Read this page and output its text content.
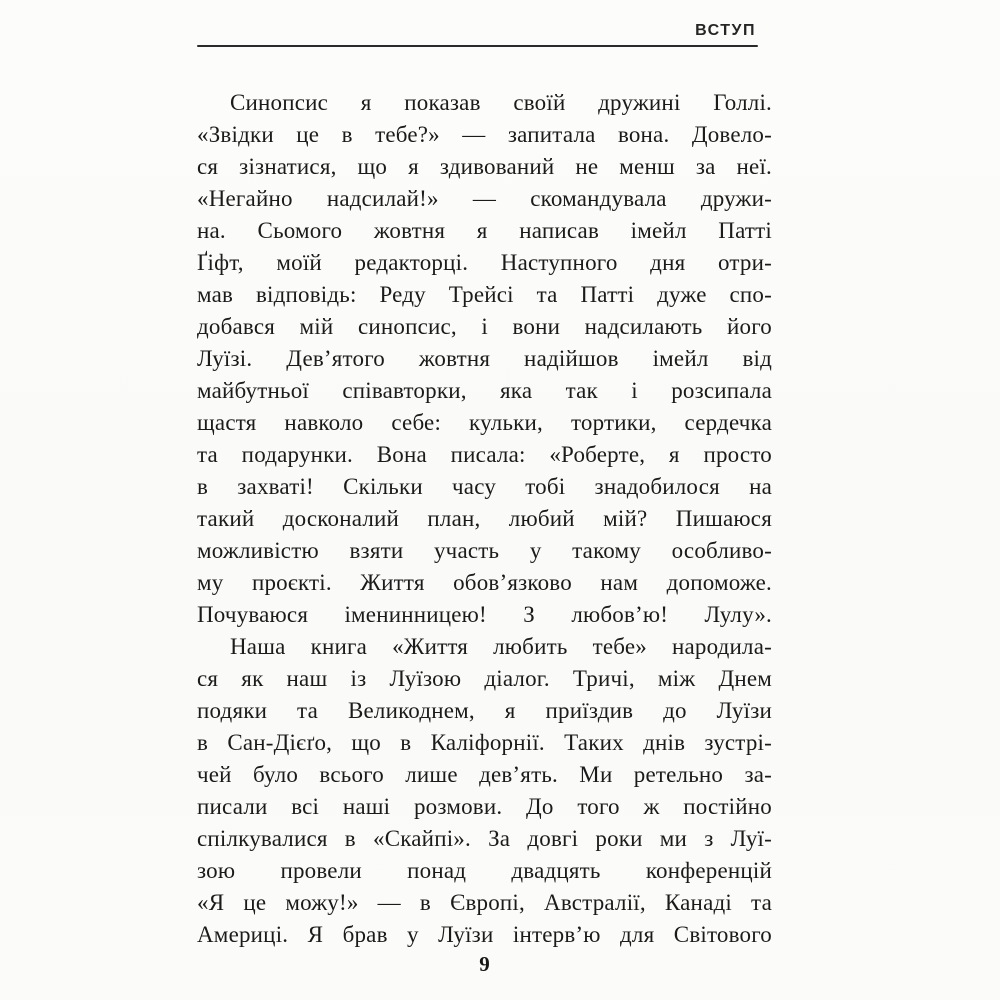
ВСТУП
Синопсис я показав своїй дружині Голлі.
«Звідки це в тебе?» — запитала вона. Довело-
ся зізнатися, що я здивований не менш за неї.
«Негайно надсилай!» — скомандувала дружи-
на. Сьомого жовтня я написав імейл Патті
Ґіфт, моїй редакторці. Наступного дня отри-
мав відповідь: Реду Трейсі та Патті дуже спо-
добався мій синопсис, і вони надсилають його
Луїзі. Дев’ятого жовтня надійшов імейл від
майбутньої співавторки, яка так і розсипала
щастя навколо себе: кульки, тортики, сердечка
та подарунки. Вона писала: «Роберте, я просто
в захваті! Скільки часу тобі знадобилося на
такий досконалий план, любий мій? Пишаюся
можливістю взяти участь у такому особливо-
му проєкті. Життя обов’язково нам допоможе.
Почуваюся іменинницею! З любов’ю! Лулу».
Наша книга «Життя любить тебе» народила-
ся як наш із Луїзою діалог. Тричі, між Днем
подяки та Великоднем, я приїздив до Луїзи
в Сан-Дієґо, що в Каліфорнії. Таких днів зустрі-
чей було всього лише дев’ять. Ми ретельно за-
писали всі наші розмови. До того ж постійно
спілкувалися в «Скайпі». За довгі роки ми з Луї-
зою провели понад двадцять конференцій
«Я це можу!» — в Європі, Австралії, Канаді та
Америці. Я брав у Луїзи інтерв’ю для Світового
9
